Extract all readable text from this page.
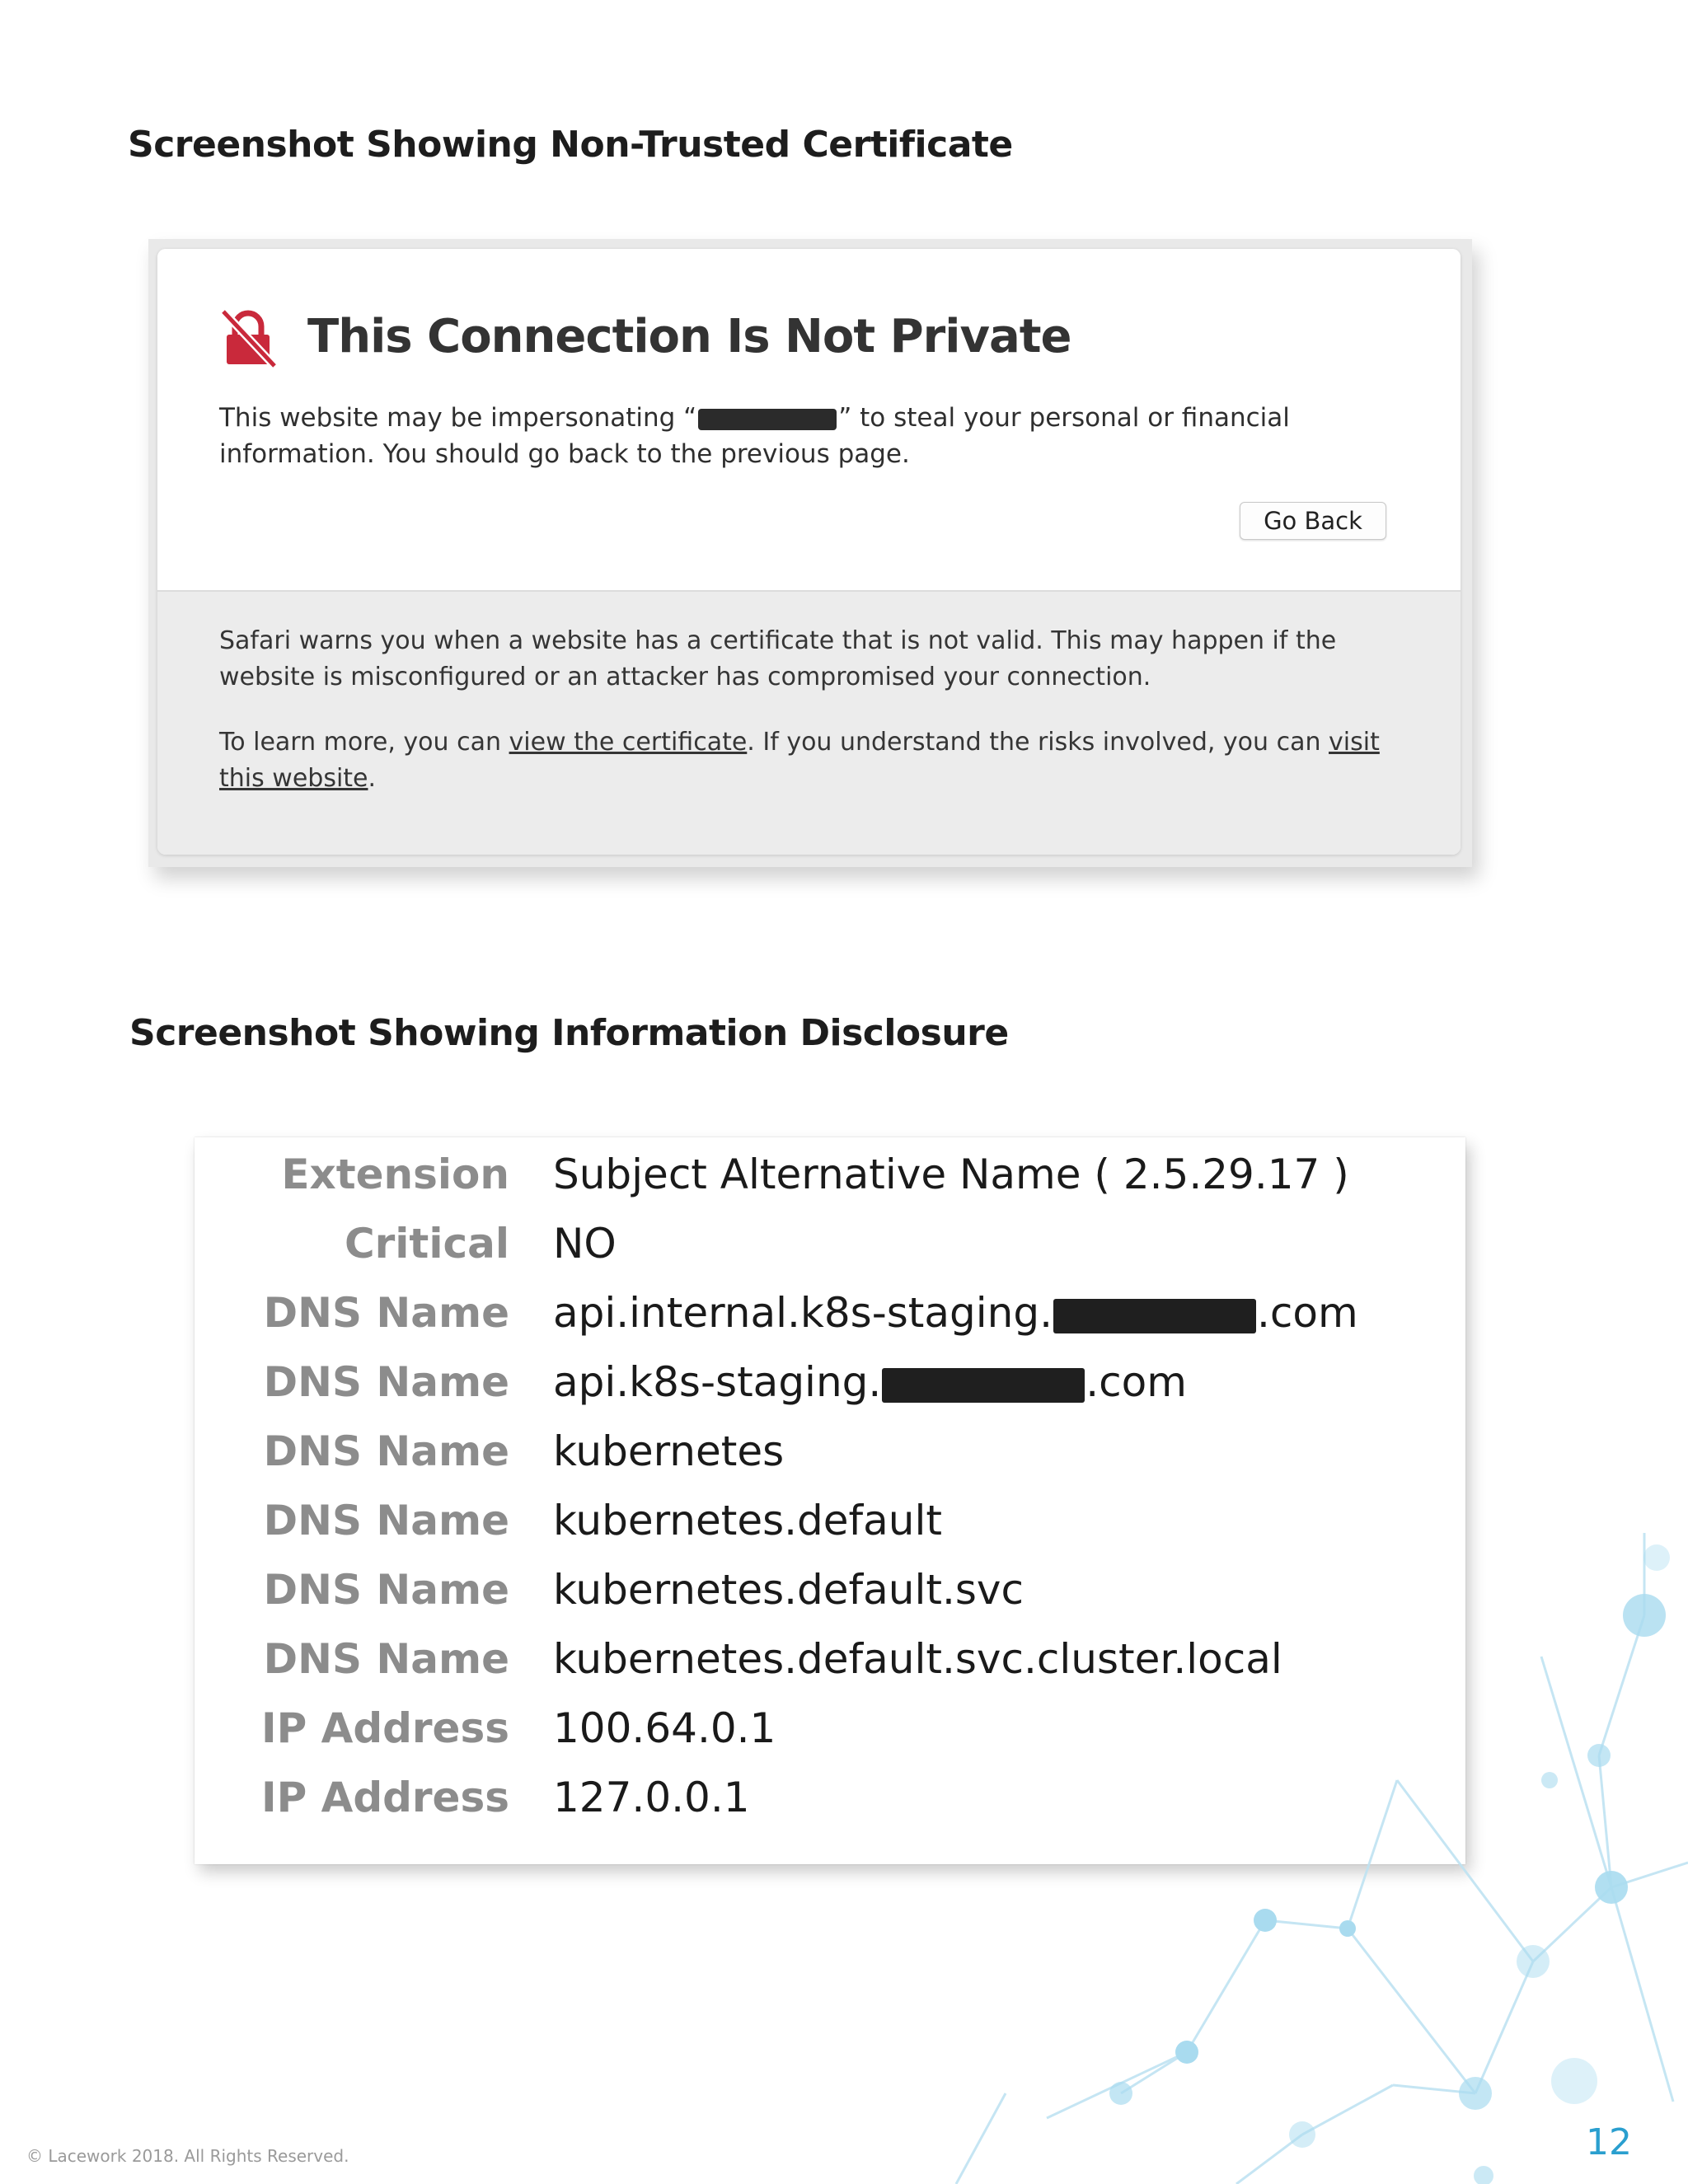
Screenshot Showing Non-Trusted Certificate
This Connection Is Not Private
This website may be impersonating “	” to steal your personal or financial information. You should go back to the previous page.
Go Back
Safari warns you when a website has a certificate that is not valid. This may happen if the website is misconfigured or an attacker has compromised your connection.
To learn more, you can view the certificate. If you understand the risks involved, you can visit this website.
Screenshot Showing Information Disclosure
Extension Subject Alternative Name ( 2.5.29.17 )
Critical NO
DNS Name api.internal.k8s-staging.	.com
DNS Name api.k8s-staging.	.com
DNS Name kubernetes
DNS Name kubernetes.default
DNS Name kubernetes.default.svc
DNS Name kubernetes.default.svc.cluster.local
IP Address 100.64.0.1
IP Address 127.0.0.1
© Lacework 2018. All Rights Reserved.	12
